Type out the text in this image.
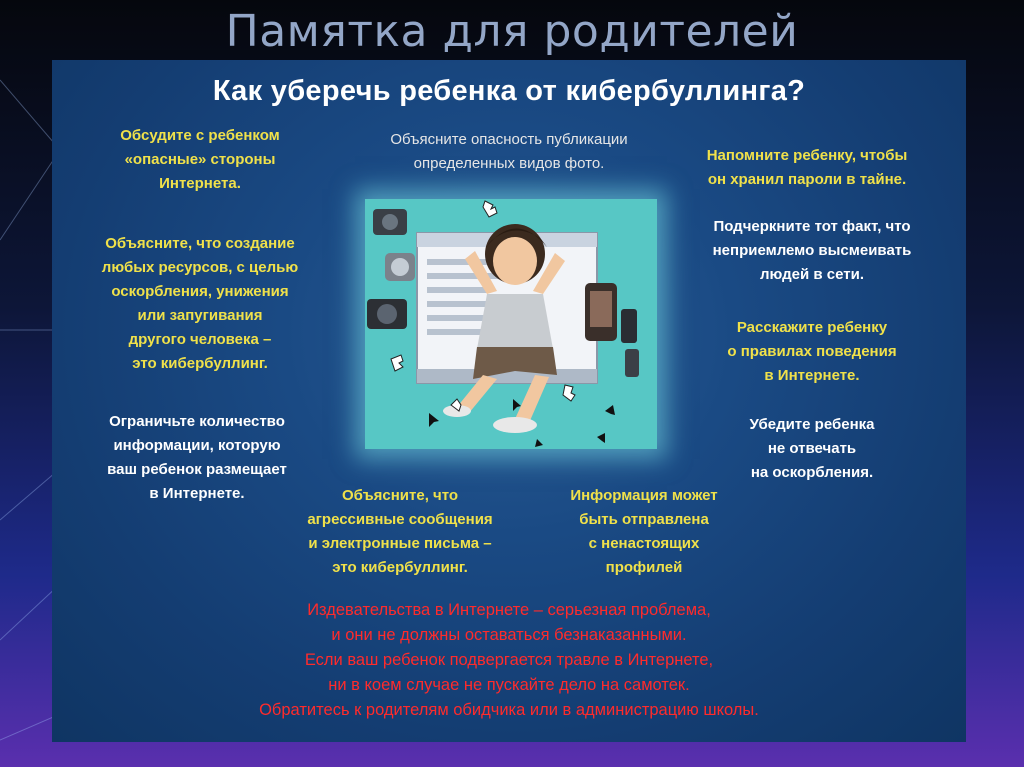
Памятка для родителей
Как уберечь ребенка от кибербуллинга?
Обсудите с ребенком
«опасные» стороны
Интернета.
Объясните, что создание
любых ресурсов, с целью
оскорбления, унижения
или запугивания
другого человека –
это кибербуллинг.
Ограничьте количество
информации, которую
ваш ребенок размещает
в Интернете.
Объясните опасность публикации
определенных видов фото.	Напомните ребенку, чтобы
он хранил пароли в тайне.
Подчеркните тот факт, что
неприемлемо высмеивать
людей в сети.
Расскажите ребенку
о правилах поведения
в Интернете.
Убедите ребенка
не отвечать
на оскорбления.
Объясните, что
агрессивные сообщения
и электронные письма –
это кибербуллинг.
Информация может
быть отправлена
с ненастоящих
профилей
Издевательства в Интернете – серьезная проблема,
и они не должны оставаться безнаказанными.
Если ваш ребенок подвергается травле в Интернете,
ни в коем случае не пускайте дело на самотек.
Обратитесь к родителям обидчика или в администрацию школы.
